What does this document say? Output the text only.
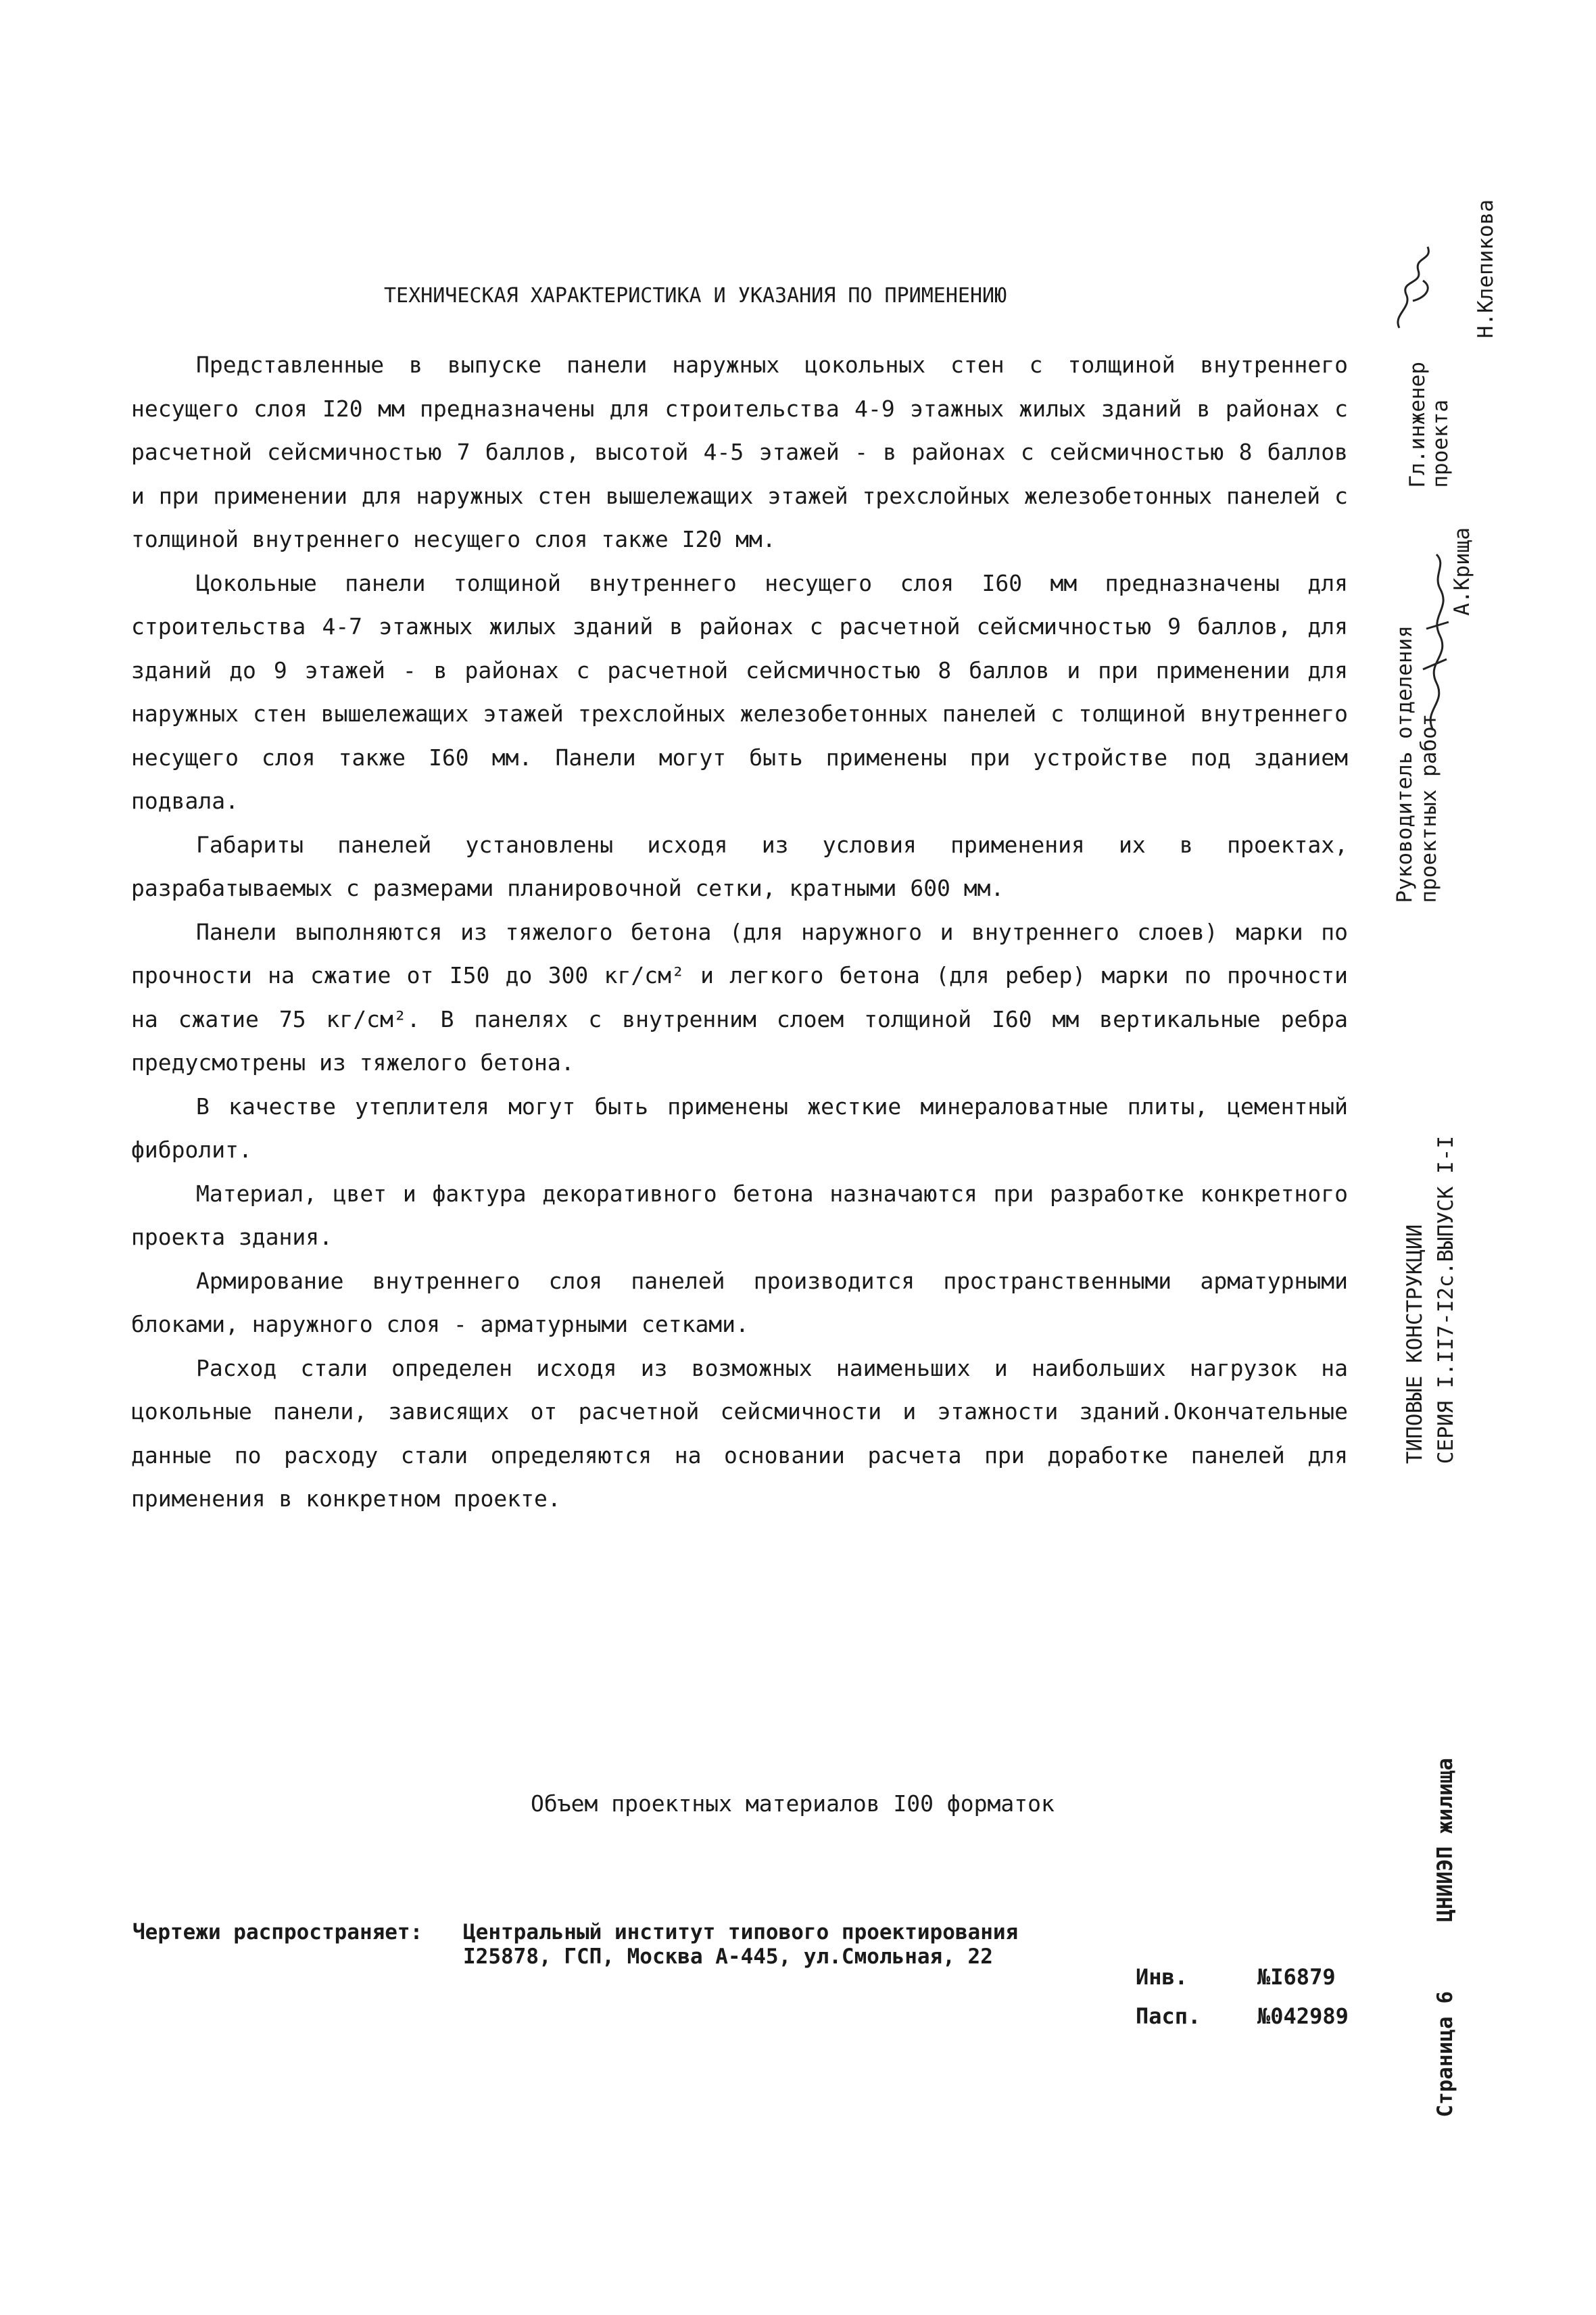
ТЕХНИЧЕСКАЯ ХАРАКТЕРИСТИКА И УКАЗАНИЯ ПО ПРИМЕНЕНИЮ

Представленные в выпуске панели наружных цокольных стен с толщиной внутреннего несущего слоя I20 мм предназначены для строительства 4-9 этажных жилых зданий в районах с расчетной сейсмичностью 7 баллов, высотой 4-5 этажей - в районах с сейсмичностью 8 баллов и при применении для наружных стен вышележащих этажей трехслойных железобетонных панелей с толщиной внутреннего несущего слоя также I20 мм.

Цокольные панели толщиной внутреннего несущего слоя I60 мм предназначены для строительства 4-7 этажных жилых зданий в районах с расчетной сейсмичностью 9 баллов, для зданий до 9 этажей - в районах с расчетной сейсмичностью 8 баллов и при применении для наружных стен вышележащих этажей трехслойных железобетонных панелей с толщиной внутреннего несущего слоя также I60 мм. Панели могут быть применены при устройстве под зданием подвала.

Габариты панелей установлены исходя из условия применения их в проектах, разрабатываемых с размерами планировочной сетки, кратными 600 мм.

Панели выполняются из тяжелого бетона (для наружного и внутреннего слоев) марки по прочности на сжатие от I50 до 300 кг/см² и легкого бетона (для ребер) марки по прочности на сжатие 75 кг/см². В панелях с внутренним слоем толщиной I60 мм вертикальные ребра предусмотрены из тяжелого бетона.

В качестве утеплителя могут быть применены жесткие минераловатные плиты, цементный фибролит.

Материал, цвет и фактура декоративного бетона назначаются при разработке конкретного проекта здания.

Армирование внутреннего слоя панелей производится пространственными арматурными блоками, наружного слоя - арматурными сетками.

Расход стали определен исходя из возможных наименьших и наибольших нагрузок на цокольные панели, зависящих от расчетной сейсмичности и этажности зданий.Окончательные данные по расходу стали определяются на основании расчета при доработке панелей для применения в конкретном проекте.

Объем проектных материалов I00 форматок
Чертежи распространяет: Центральный институт типового проектирования
I25878, ГСП, Москва А-445, ул.Смольная, 22
Инв.	№I6879
Пасп.	№042989
Гл.инженер
проекта
Н.Клепикова
Руководитель отделения проектных работ
А.Крища
ТИПОВЫЕ КОНСТРУКЦИИ СЕРИЯ I.II7-I2с.ВЫПУСК I-I
ЦНИИЭП жилища
Страница 6
